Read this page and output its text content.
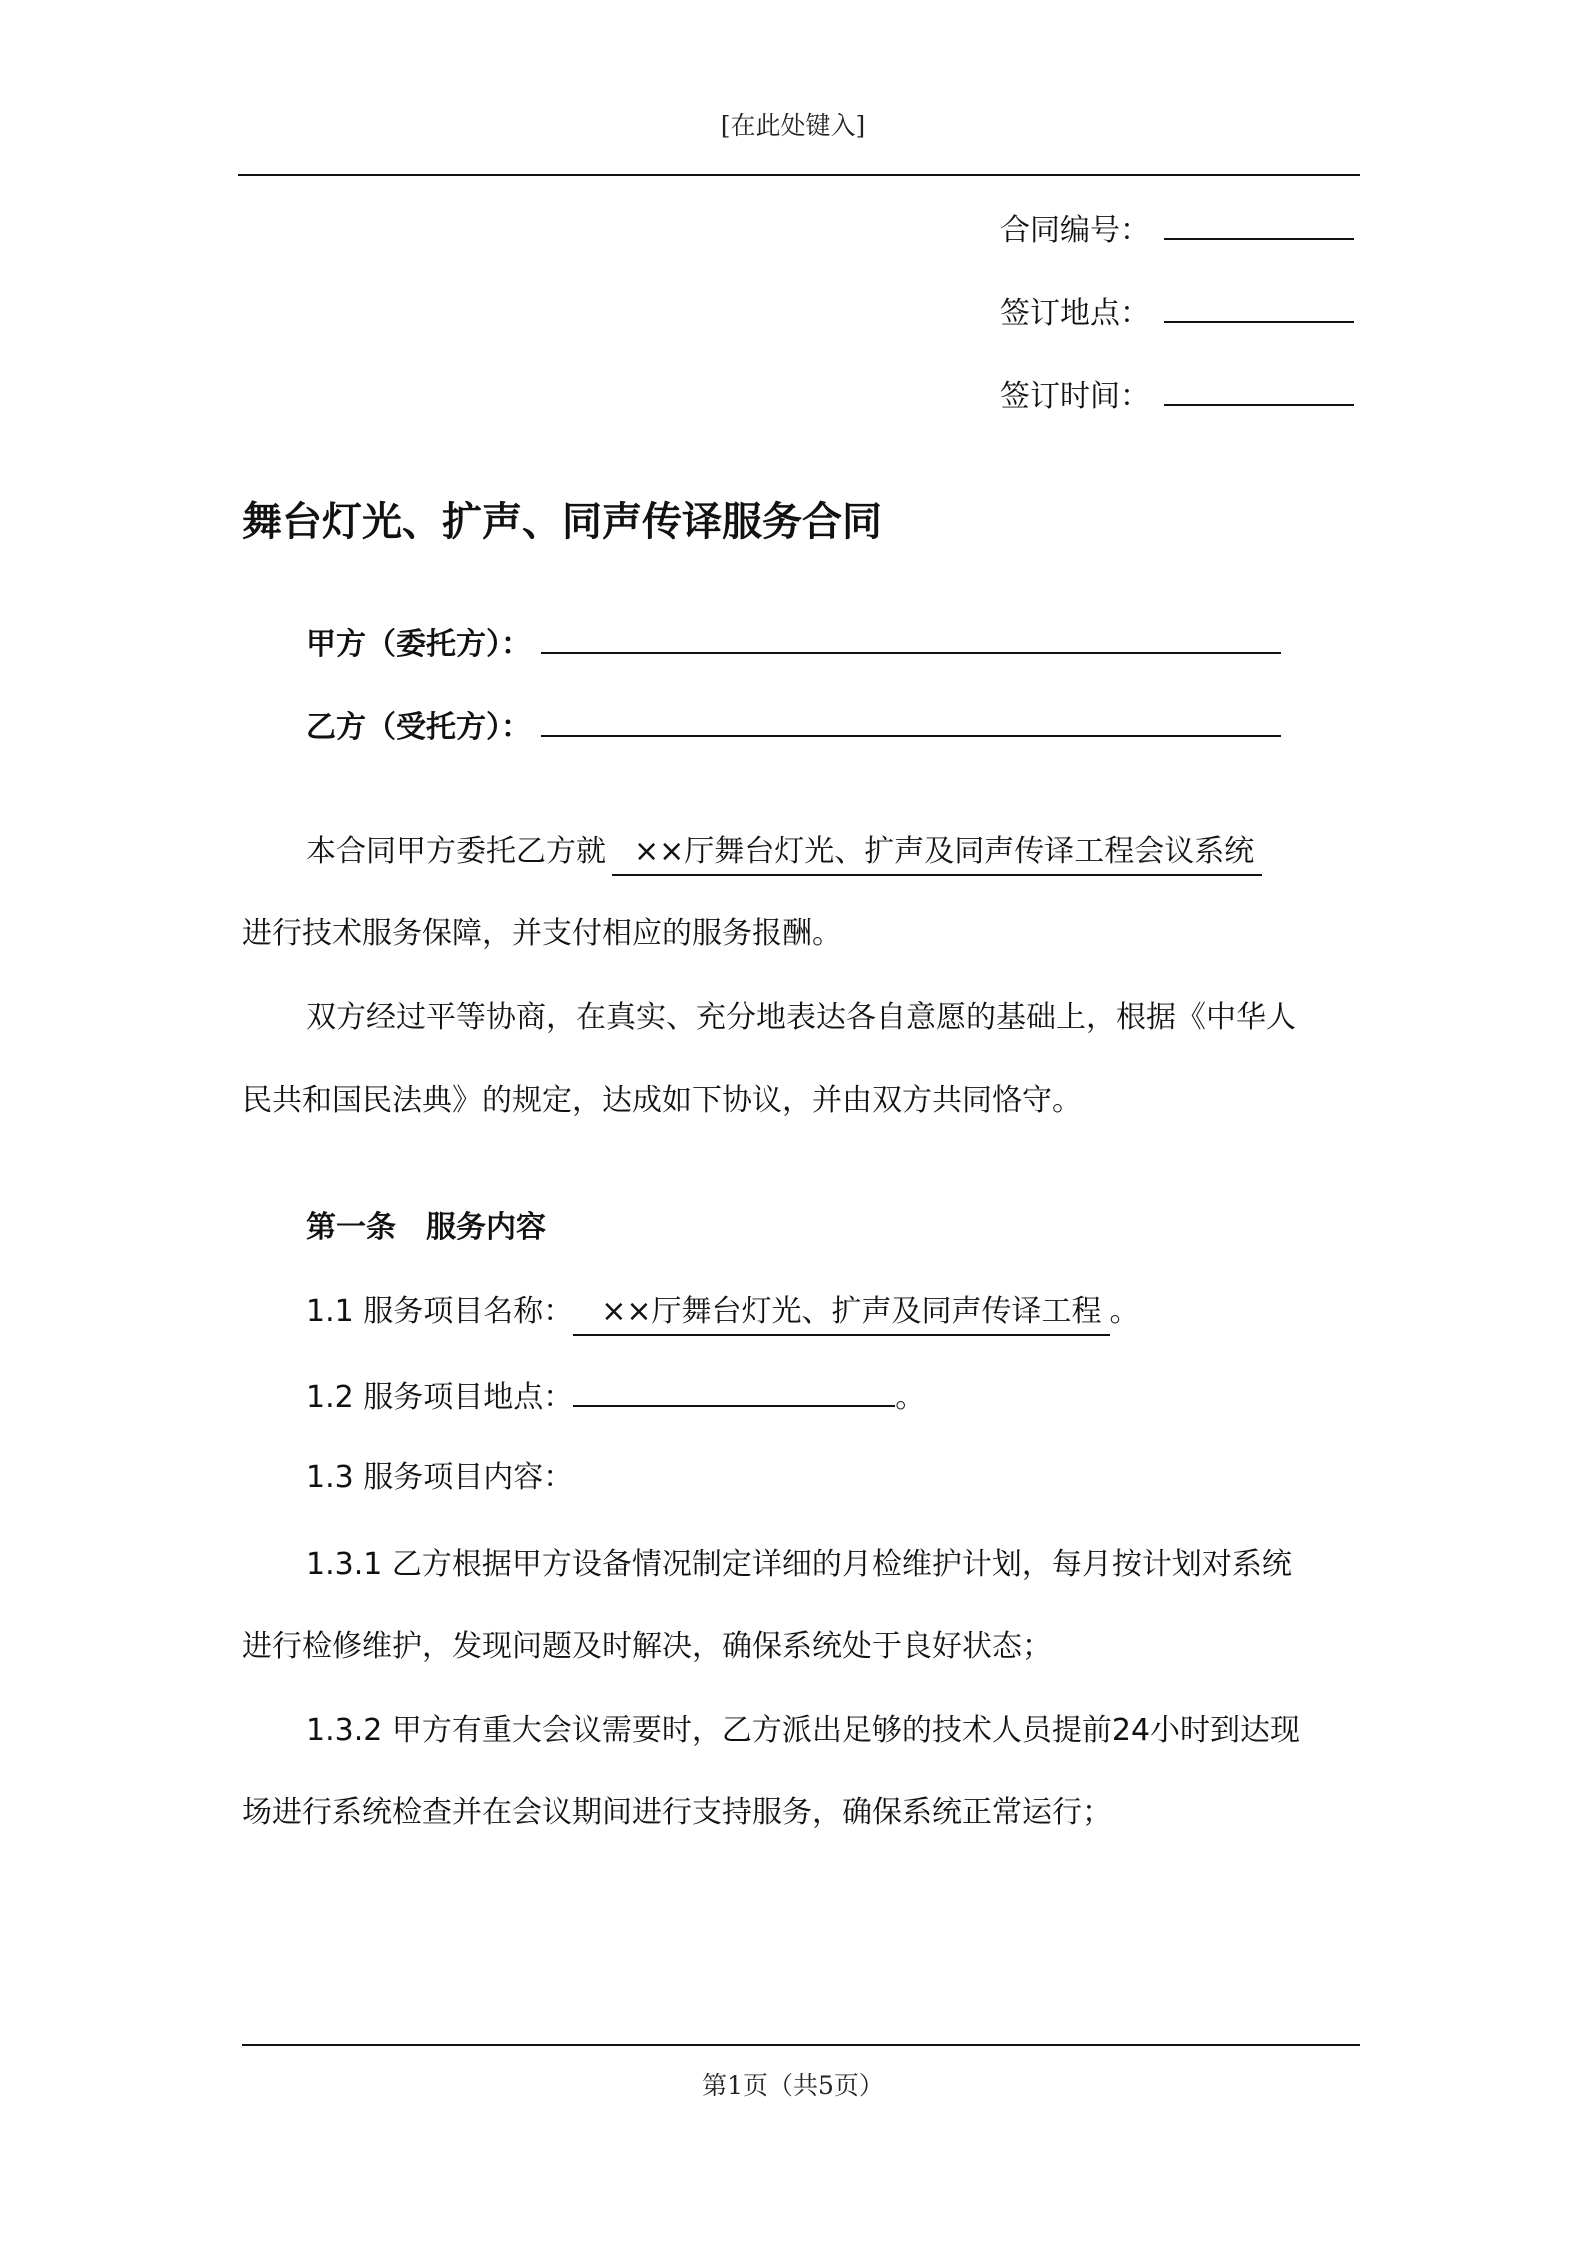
[在此处键入]
合同编号：
签订地点：
签订时间：
舞台灯光、扩声、同声传译服务合同
甲方（委托方）：
乙方（受托方）：
本合同甲方委托乙方就 ××厅舞台灯光、扩声及同声传译工程会议系统
进行技术服务保障，并支付相应的服务报酬。
双方经过平等协商，在真实、充分地表达各自意愿的基础上，根据《中华人
民共和国民法典》的规定，达成如下协议，并由双方共同恪守。
第一条　服务内容
1.1 服务项目名称： ××厅舞台灯光、扩声及同声传译工程 。
1.2 服务项目地点：	。
1.3 服务项目内容：
1.3.1 乙方根据甲方设备情况制定详细的月检维护计划，每月按计划对系统
进行检修维护，发现问题及时解决，确保系统处于良好状态；
1.3.2 甲方有重大会议需要时，乙方派出足够的技术人员提前24小时到达现
场进行系统检查并在会议期间进行支持服务，确保系统正常运行；
第1页（共5页）
